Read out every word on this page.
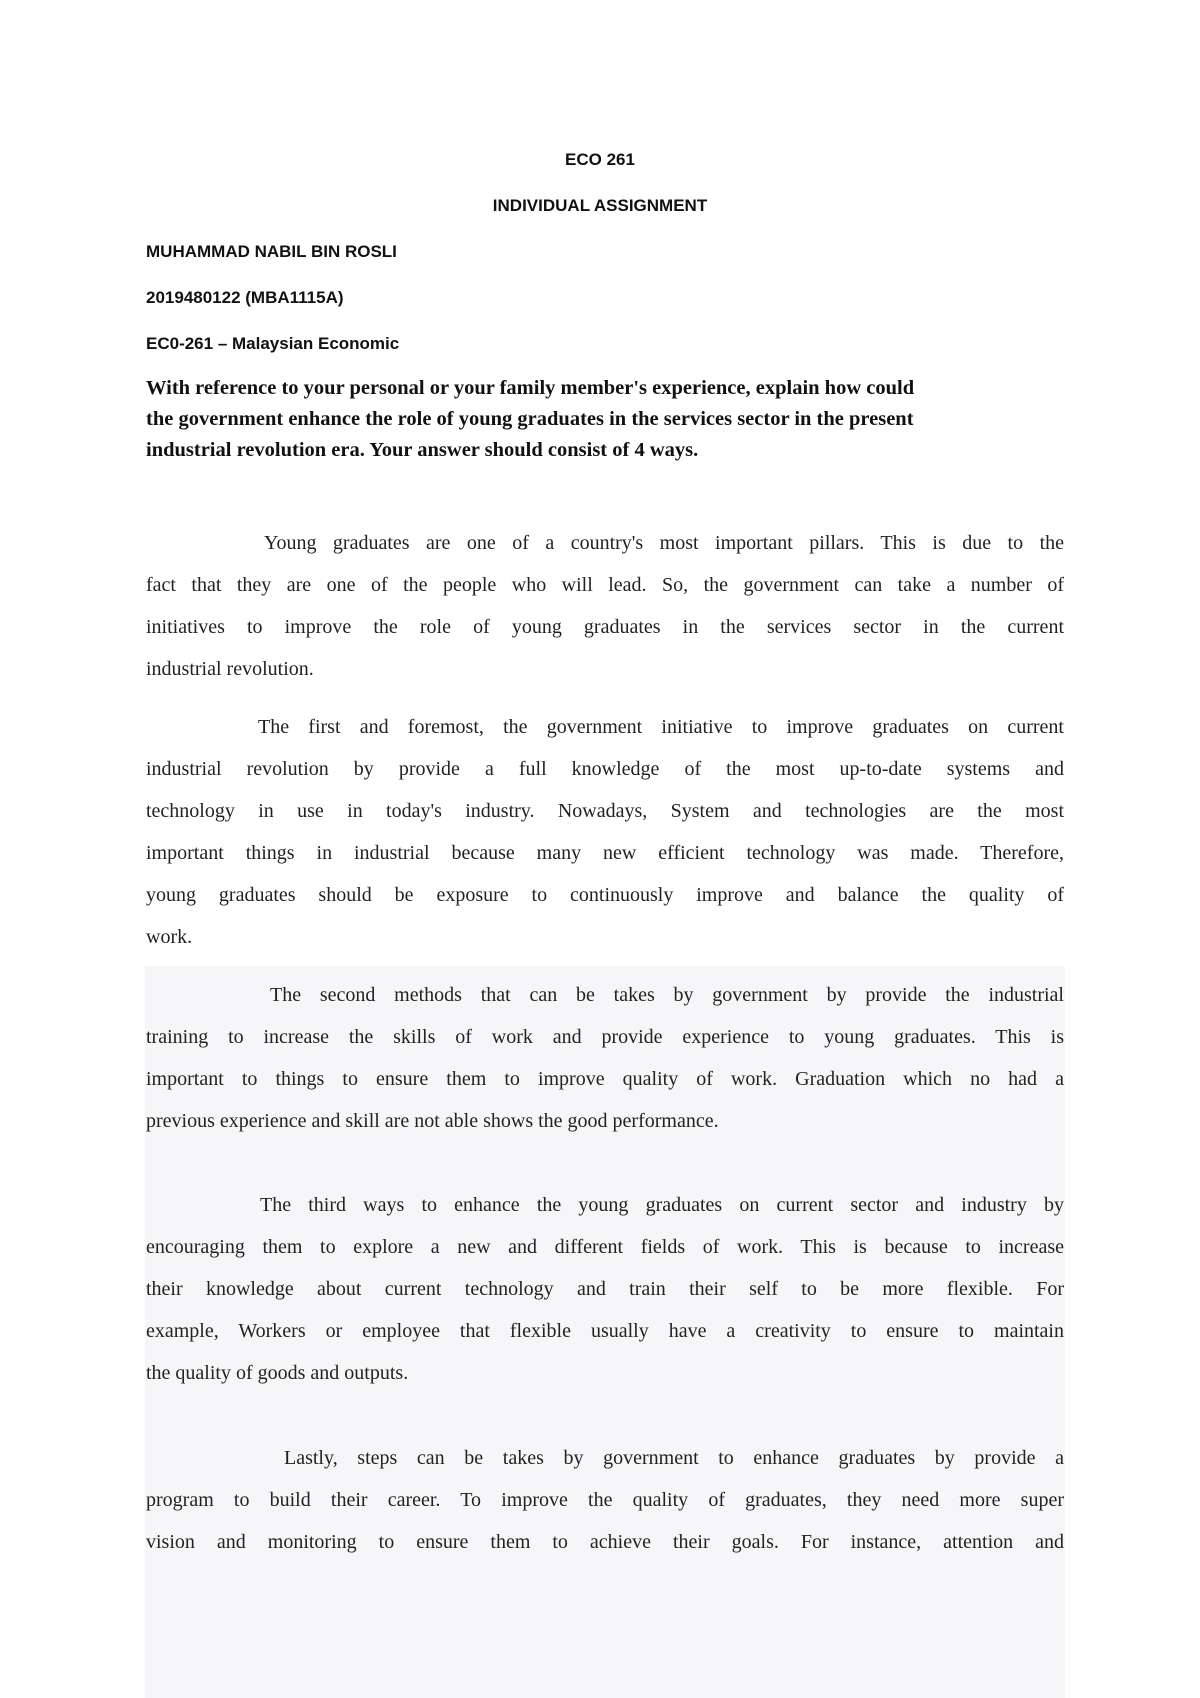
ECO 261
INDIVIDUAL ASSIGNMENT
MUHAMMAD NABIL BIN ROSLI
2019480122 (MBA1115A)
EC0-261 – Malaysian Economic
With reference to your personal or your family member's experience, explain how could
the government enhance the role of young graduates in the services sector in the present
industrial revolution era. Your answer should consist of 4 ways.
Young graduates are one of a country's most important pillars. This is due to the
fact that they are one of the people who will lead. So, the government can take a number of
initiatives to improve the role of young graduates in the services sector in the current
industrial revolution.
The first and foremost, the government initiative to improve graduates on current
industrial revolution by provide a full knowledge of the most up-to-date systems and
technology in use in today's industry. Nowadays, System and technologies are the most
important things in industrial because many new efficient technology was made. Therefore,
young graduates should be exposure to continuously improve and balance the quality of
work.
The second methods that can be takes by government by provide the industrial
training to increase the skills of work and provide experience to young graduates. This is
important to things to ensure them to improve quality of work. Graduation which no had a
previous experience and skill are not able shows the good performance.
The third ways to enhance the young graduates on current sector and industry by
encouraging them to explore a new and different fields of work. This is because to increase
their knowledge about current technology and train their self to be more flexible. For
example, Workers or employee that flexible usually have a creativity to ensure to maintain
the quality of goods and outputs.
Lastly, steps can be takes by government to enhance graduates by provide a
program to build their career. To improve the quality of graduates, they need more super
vision and monitoring to ensure them to achieve their goals. For instance, attention and
